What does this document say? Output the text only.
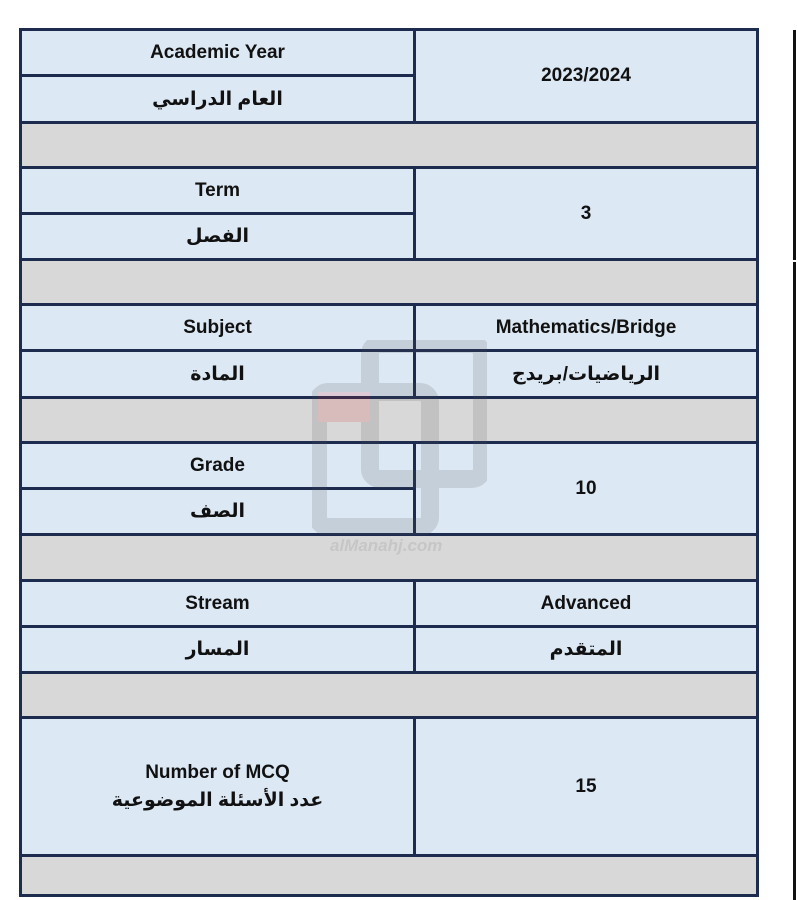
Academic Year	2023/2024
العام الدراسي	

Term	3
الفصل	

Subject	Mathematics/Bridge
المادة	الرياضيات/بريدج

Grade	10
الصف	

Stream	Advanced
المسار	المتقدم

Number of MCQ
عدد الأسئلة الموضوعية	15

alManahj.com
